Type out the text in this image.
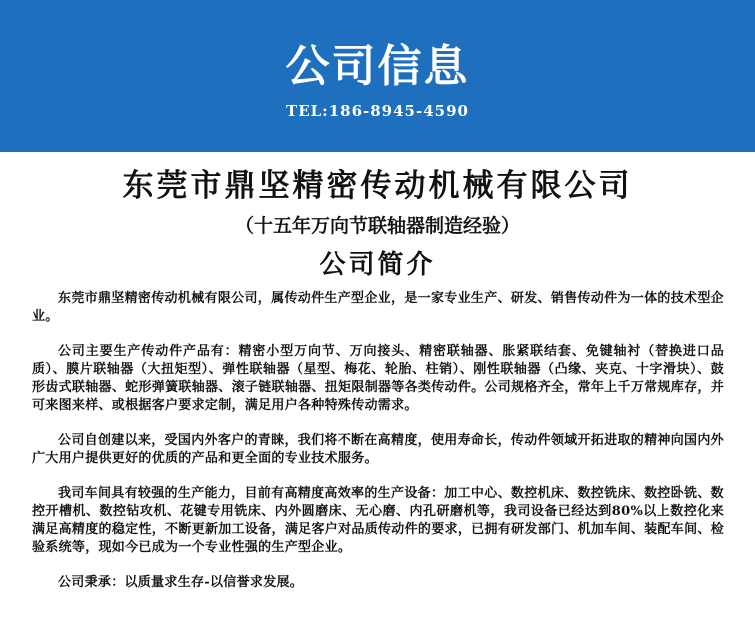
公司信息
TEL:186-8945-4590
东莞市鼎坚精密传动机械有限公司
（十五年万向节联轴器制造经验）
公司简介

东莞市鼎坚精密传动机械有限公司，属传动件生产型企业，是一家专业生产、研发、销售传动件为一体的技术型企业。

公司主要生产传动件产品有：精密小型万向节、万向接头、精密联轴器、胀紧联结套、免键轴衬（替换进口品质）、膜片联轴器（大扭矩型）、弹性联轴器（星型、梅花、轮胎、柱销）、刚性联轴器（凸缘、夹克、十字滑块）、鼓形齿式联轴器、蛇形弹簧联轴器、滚子链联轴器、扭矩限制器等各类传动件。公司规格齐全，常年上千万常规库存，并可来图来样、或根据客户要求定制，满足用户各种特殊传动需求。

公司自创建以来，受国内外客户的青睐，我们将不断在高精度，使用寿命长，传动件领域开拓进取的精神向国内外广大用户提供更好的优质的产品和更全面的专业技术服务。

我司车间具有较强的生产能力，目前有高精度高效率的生产设备：加工中心、数控机床、数控铣床、数控卧铣、数控开槽机、数控钻攻机、花键专用铣床、内外圆磨床、无心磨、内孔研磨机等，我司设备已经达到80%以上数控化来满足高精度的稳定性，不断更新加工设备，满足客户对品质传动件的要求，已拥有研发部门、机加车间、装配车间、检验系统等，现如今已成为一个专业性强的生产型企业。

公司秉承：以质量求生存-以信誉求发展。
